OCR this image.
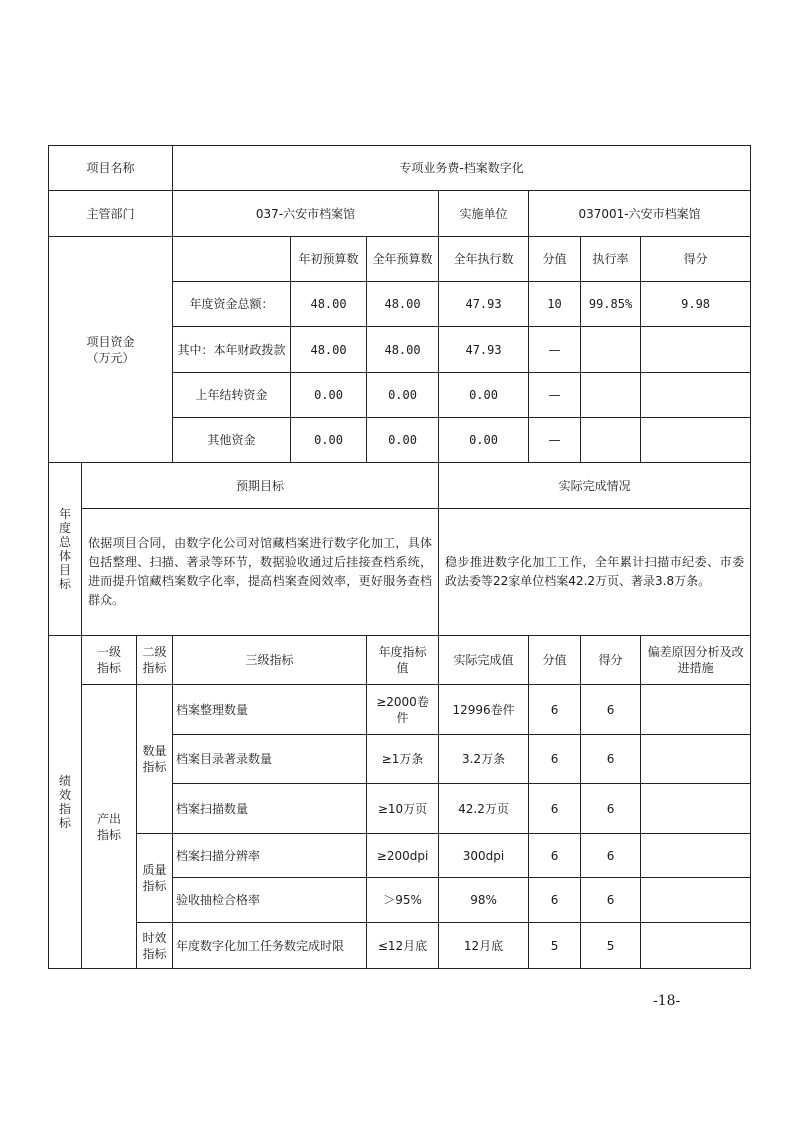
项目名称			专项业务费-档案数字化						
主管部门			037-六安市档案馆			实施单位	037001-六安市档案馆		
项目资金（万元）				年初预算数	全年预算数	全年执行数	分值	执行率	得分
			年度资金总额：	48.00	48.00	47.93	10	99.85%	9.98
			其中：本年财政拨款	48.00	48.00	47.93	—		
			上年结转资金	0.00	0.00	0.00	—		
			其他资金	0.00	0.00	0.00	—		

年度总体目标	预期目标					实际完成情况			
	依据项目合同，由数字化公司对馆藏档案进行数字化加工，具体包括整理、扫描、著录等环节，数据验收通过后挂接查档系统，进而提升馆藏档案数字化率，提高档案查阅效率，更好服务查档群众。					稳步推进数字化加工工作，全年累计扫描市纪委、市委政法委等22家单位档案42.2万页、著录3.8万条。			

绩效指标	一级指标	二级指标	三级指标		年度指标值	实际完成值	分值	得分	偏差原因分析及改进措施
	产出指标	数量指标	档案整理数量		≥2000卷件	12996卷件	6	6	
			档案目录著录数量		≥1万条	3.2万条	6	6	
			档案扫描数量		≥10万页	42.2万页	6	6	
		质量指标	档案扫描分辨率		≥200dpi	300dpi	6	6	
			验收抽检合格率		＞95%	98%	6	6	
		时效指标	年度数字化加工任务数完成时限		≤12月底	12月底	5	5	
-18-
